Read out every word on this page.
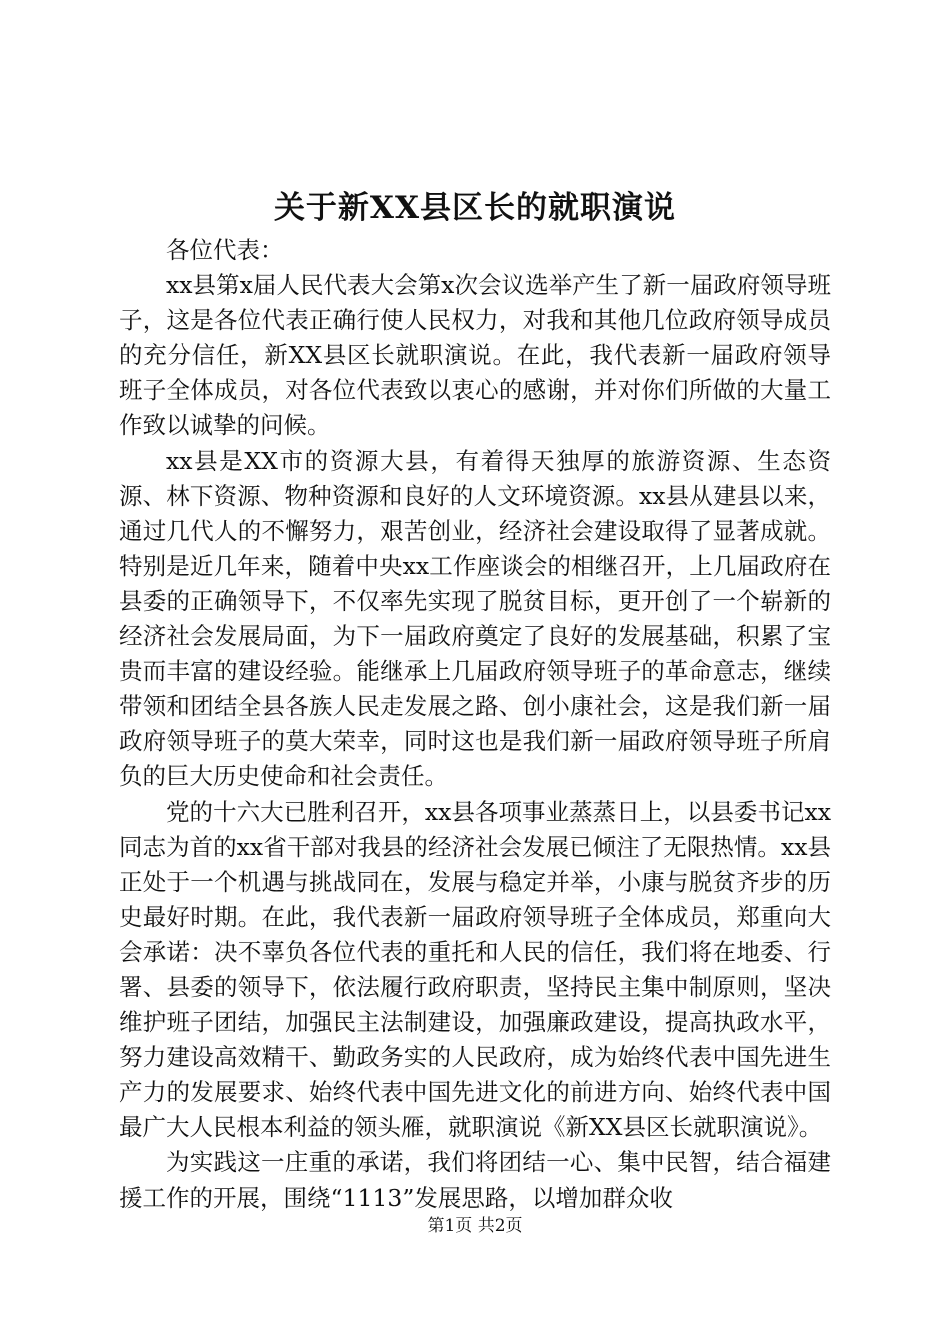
关于新XX县区长的就职演说

各位代表：

xx县第x届人民代表大会第x次会议选举产生了新一届政府领导班子，这是各位代表正确行使人民权力，对我和其他几位政府领导成员的充分信任，新XX县区长就职演说。在此，我代表新一届政府领导班子全体成员，对各位代表致以衷心的感谢，并对你们所做的大量工作致以诚挚的问候。

xx县是XX市的资源大县，有着得天独厚的旅游资源、生态资源、林下资源、物种资源和良好的人文环境资源。xx县从建县以来，通过几代人的不懈努力，艰苦创业，经济社会建设取得了显著成就。特别是近几年来，随着中央xx工作座谈会的相继召开，上几届政府在县委的正确领导下，不仅率先实现了脱贫目标，更开创了一个崭新的经济社会发展局面，为下一届政府奠定了良好的发展基础，积累了宝贵而丰富的建设经验。能继承上几届政府领导班子的革命意志，继续带领和团结全县各族人民走发展之路、创小康社会，这是我们新一届政府领导班子的莫大荣幸，同时这也是我们新一届政府领导班子所肩负的巨大历史使命和社会责任。

党的十六大已胜利召开，xx县各项事业蒸蒸日上，以县委书记xx同志为首的xx省干部对我县的经济社会发展已倾注了无限热情。xx县正处于一个机遇与挑战同在，发展与稳定并举，小康与脱贫齐步的历史最好时期。在此，我代表新一届政府领导班子全体成员，郑重向大会承诺：决不辜负各位代表的重托和人民的信任，我们将在地委、行署、县委的领导下，依法履行政府职责，坚持民主集中制原则，坚决维护班子团结，加强民主法制建设，加强廉政建设，提高执政水平，努力建设高效精干、勤政务实的人民政府，成为始终代表中国先进生产力的发展要求、始终代表中国先进文化的前进方向、始终代表中国最广大人民根本利益的领头雁，就职演说《新XX县区长就职演说》。

为实践这一庄重的承诺，我们将团结一心、集中民智，结合福建援工作的开展，围绕“1113”发展思路，以增加群众收

第1页 共2页
